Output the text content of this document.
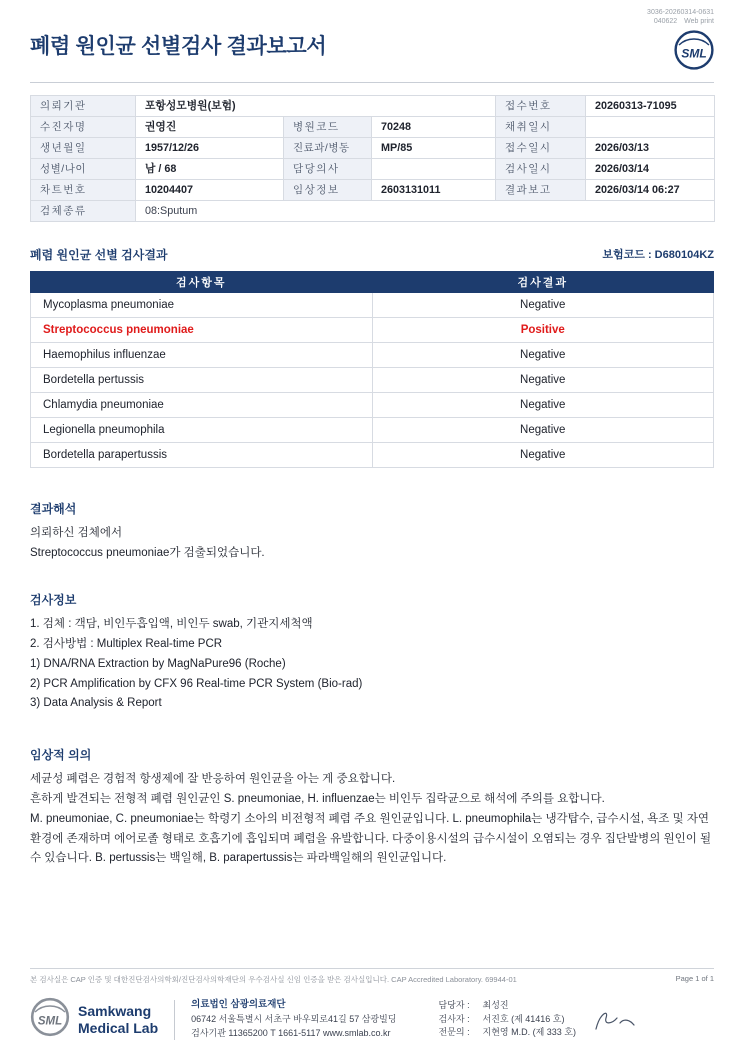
폐렴 원인균 선별검사 결과보고서
3036-20260314-0631
040622 Web print
SML
의뢰기관	포항성모병원(보험)			접수번호	20260313-71095
수진자명	권영진	병원코드	70248	채취일시	
생년월일	1957/12/26	진료과/병동	MP/85	접수일시	2026/03/13
성별/나이	남 / 68	담당의사		검사일시	2026/03/14
차트번호	10204407	임상정보	2603131011	결과보고	2026/03/14 06:27
검체종류	08:Sputum				
폐렴 원인균 선별 검사결과	보험코드 : D680104KZ
검사항목	검사결과
Mycoplasma pneumoniae	Negative
Streptococcus pneumoniae	Positive
Haemophilus influenzae	Negative
Bordetella pertussis	Negative
Chlamydia pneumoniae	Negative
Legionella pneumophila	Negative
Bordetella parapertussis	Negative
결과해석

의뢰하신 검체에서

Streptococcus pneumoniae가 검출되었습니다.

검사정보

1. 검체 : 객담, 비인두흡입액, 비인두 swab, 기관지세척액

2. 검사방법 : Multiplex Real-time PCR

1) DNA/RNA Extraction by MagNaPure96 (Roche)

2) PCR Amplification by CFX 96 Real-time PCR System (Bio-rad)

3) Data Analysis & Report

임상적 의의

세균성 폐렴은 경험적 항생제에 잘 반응하여 원인균을 아는 게 중요합니다.

흔하게 발견되는 전형적 폐렴 원인균인 S. pneumoniae, H. influenzae는 비인두 집락균으로 해석에 주의를 요합니다.

M. pneumoniae, C. pneumoniae는 학령기 소아의 비전형적 폐렴 주요 원인균입니다. L. pneumophila는 냉각탑수, 급수시설, 욕조 및 자연환경에 존재하며 에어로졸 형태로 호흡기에 흡입되며 폐렴을 유발합니다. 다중이용시설의 급수시설이 오염되는 경우 집단발병의 원인이 될 수 있습니다. B. pertussis는 백일해, B. parapertussis는 파라백일해의 원인균입니다.

본 검사실은 CAP 인증 및 대한진단검사의학회/진단검사의학재단의 우수검사실 신임 인증을 받은 검사실입니다. CAP Accredited Laboratory. 69944-01	Page 1 of 1
SML
Samkwang
Medical Lab
의료법인 삼광의료재단
06742 서울특별시 서초구 바우뫼로41길 57 삼광빌딩
검사기관 11365200 T 1661-5117 www.smlab.co.kr
담당자 :	최성진
검사자 :	서진호 (제 41416 호)
전문의 :	지현영 M.D. (제 333 호)
